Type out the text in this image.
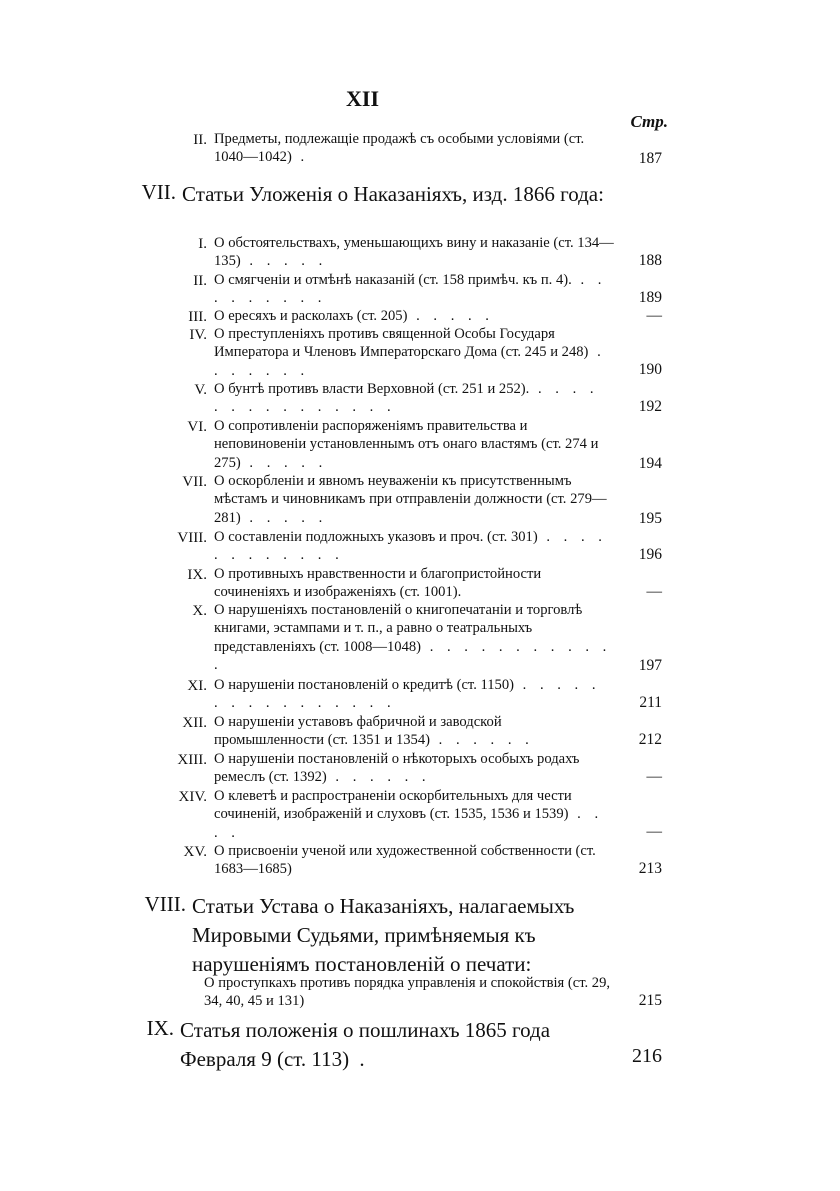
XII
Стр.
II. Предметы, подлежащіе продажѣ съ особыми условіями (ст. 1040—1042) .	187
VII. Статьи Уложенія о Наказаніяхъ, изд. 1866 года:
I. О обстоятельствахъ, уменьшающихъ вину и наказаніе (ст. 134—135) . . . . .	188
II. О смягченіи и отмѣнѣ наказаній (ст. 158 примѣч. къ п. 4). . . . . . . . . .	189
III. О ересяхъ и расколахъ (ст. 205) . . . . .	—
IV. О преступленіяхъ противъ священной Особы Государя Императора и Членовъ Императорскаго Дома (ст. 245 и 248) . . . . . . .	190
V. О бунтѣ противъ власти Верховной (ст. 251 и 252). . . . . . . . . . . . . . . .	192
VI. О сопротивленіи распоряженіямъ правительства и неповиновеніи установленнымъ отъ онаго властямъ (ст. 274 и 275) . . . . .	194
VII. О оскорбленіи и явномъ неуваженіи къ присутственнымъ мѣстамъ и чиновникамъ при отправленіи должности (ст. 279—281) . . . . .	195
VIII. О составленіи подложныхъ указовъ и проч. (ст. 301) . . . . . . . . . . . .	196
IX. О противныхъ нравственности и благопристойности сочиненіяхъ и изображеніяхъ (ст. 1001).	—
X. О нарушеніяхъ постановленій о книгопечатаніи и торговлѣ книгами, эстампами и т. п., а равно о театральныхъ представленіяхъ (ст. 1008—1048) . . . . . . . . . . . .	197
XI. О нарушеніи постановленій о кредитѣ (ст. 1150) . . . . . . . . . . . . . . . .	211
XII. О нарушеніи уставовъ фабричной и заводской промышленности (ст. 1351 и 1354) . . . . . .	212
XIII. О нарушеніи постановленій о нѣкоторыхъ особыхъ родахъ ремеслъ (ст. 1392) . . . . . .	—
XIV. О клеветѣ и распространеніи оскорбительныхъ для чести сочиненій, изображеній и слуховъ (ст. 1535, 1536 и 1539) . . . .	—
XV. О присвоеніи ученой или художественной собственности (ст. 1683—1685)	213
VIII. Статьи Устава о Наказаніяхъ, налагаемыхъ Мировыми Судьями, примѣняемыя къ нарушеніямъ постановленій о печати:
О проступкахъ противъ порядка управленія и спокойствія (ст. 29, 34, 40, 45 и 131)	215
IX. Статья положенія о пошлинахъ 1865 года Февраля 9 (ст. 113) .	216
